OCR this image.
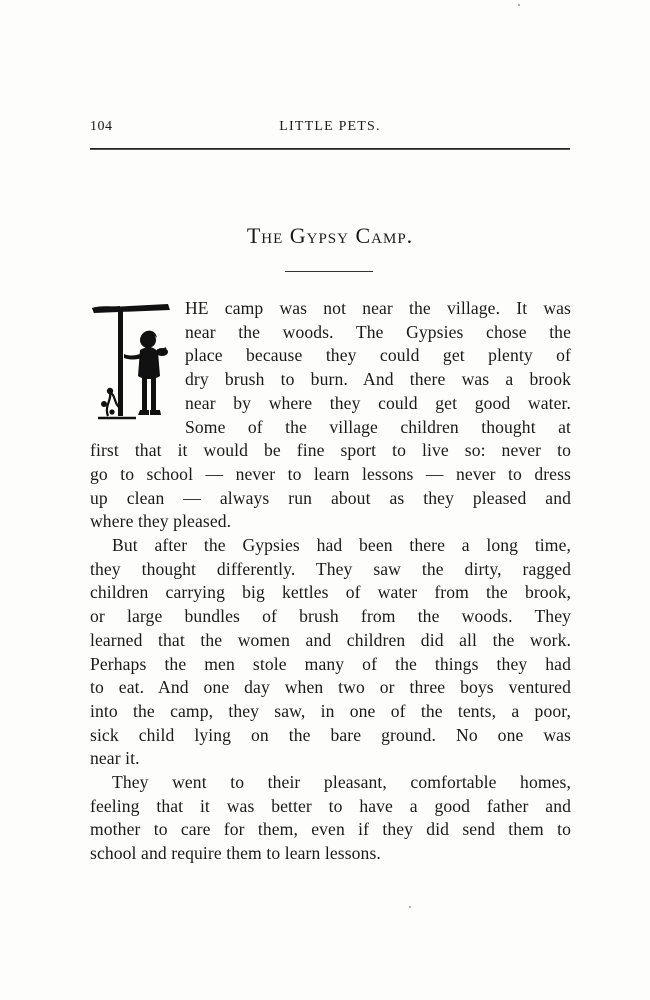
104	LITTLE PETS.
The Gypsy Camp.
HE camp was not near the village. It was
near the woods. The Gypsies chose the
place because they could get plenty of
dry brush to burn. And there was a brook
near by where they could get good water.
Some of the village children thought at
first that it would be fine sport to live so: never to
go to school — never to learn lessons — never to dress
up clean — always run about as they pleased and
where they pleased.
But after the Gypsies had been there a long time,
they thought differently. They saw the dirty, ragged
children carrying big kettles of water from the brook,
or large bundles of brush from the woods. They
learned that the women and children did all the work.
Perhaps the men stole many of the things they had
to eat. And one day when two or three boys ventured
into the camp, they saw, in one of the tents, a poor,
sick child lying on the bare ground. No one was
near it.
They went to their pleasant, comfortable homes,
feeling that it was better to have a good father and
mother to care for them, even if they did send them to
school and require them to learn lessons.
